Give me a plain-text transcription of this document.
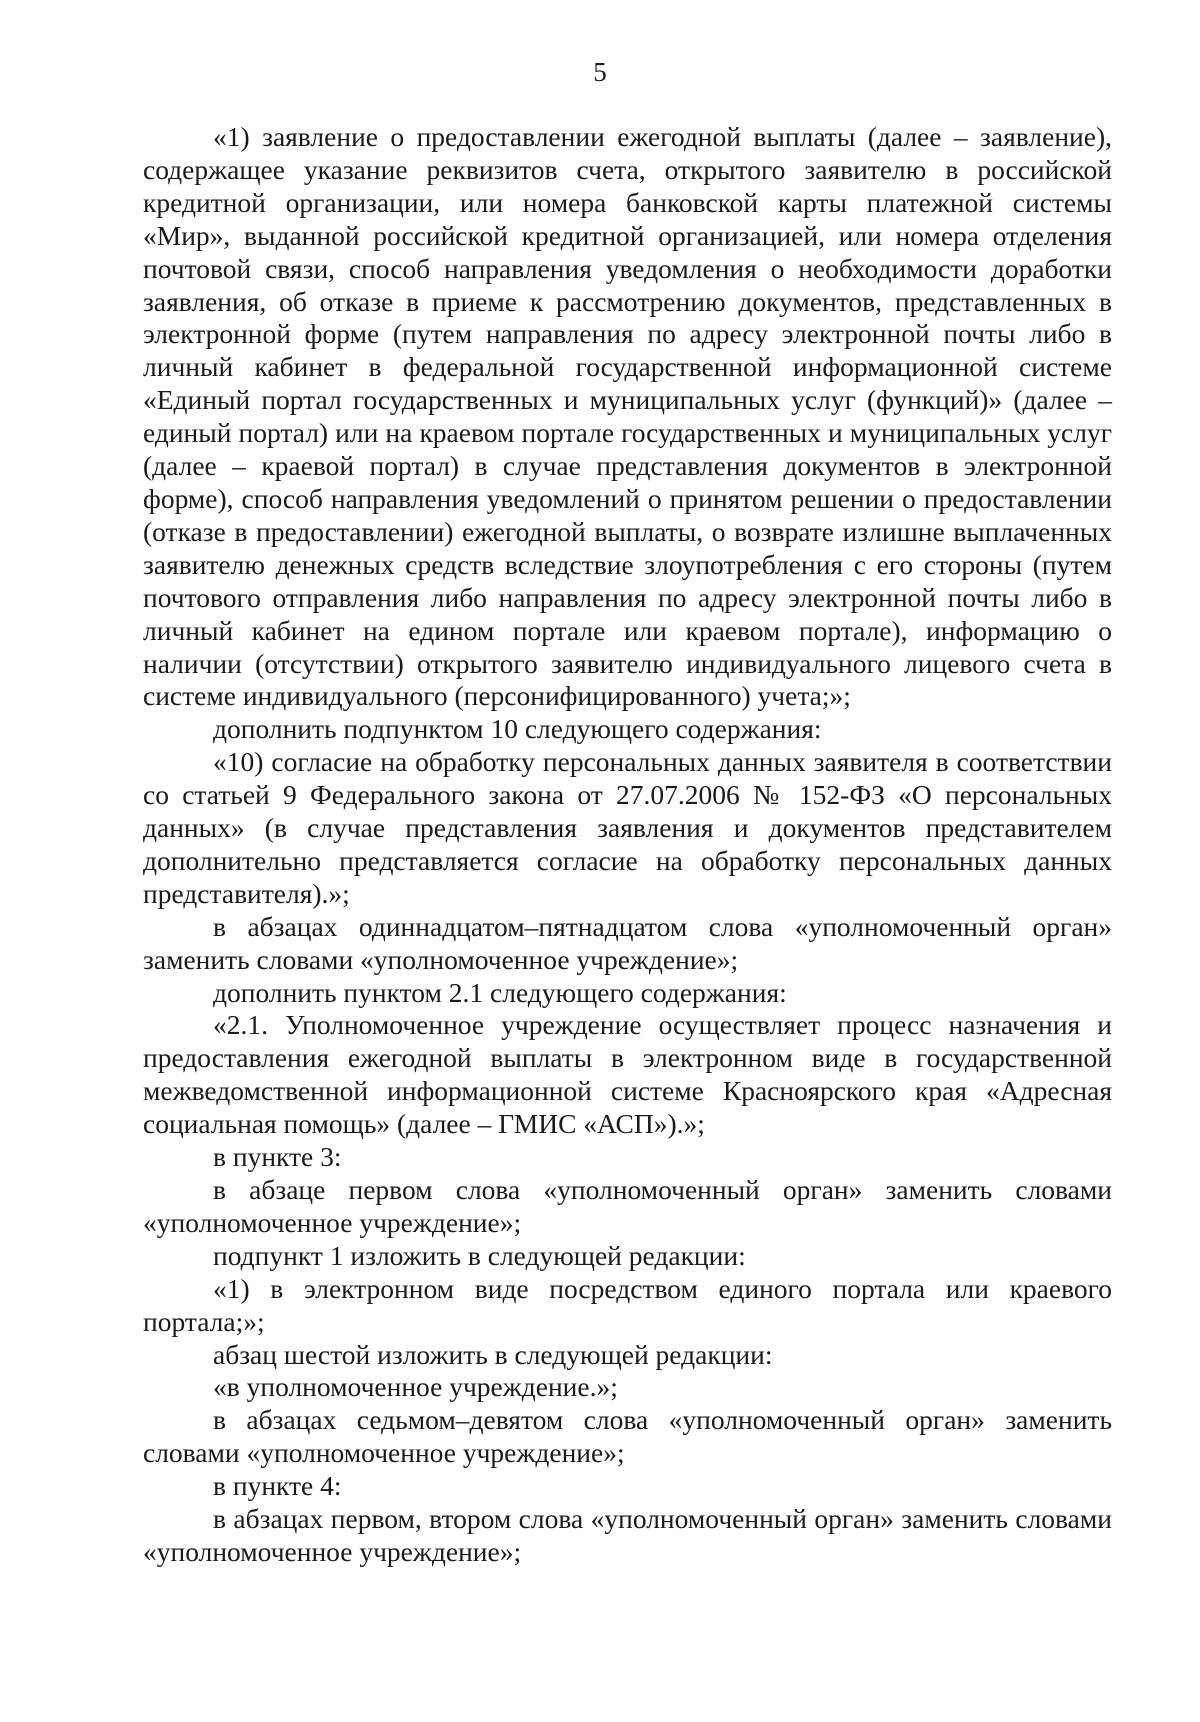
5

«1) заявление о предоставлении ежегодной выплаты (далее – заявление), содержащее указание реквизитов счета, открытого заявителю в российской кредитной организации, или номера банковской карты платежной системы «Мир», выданной российской кредитной организацией, или номера отделения почтовой связи, способ направления уведомления о необходимости доработки заявления, об отказе в приеме к рассмотрению документов, представленных в электронной форме (путем направления по адресу электронной почты либо в личный кабинет в федеральной государственной информационной системе «Единый портал государственных и муниципальных услуг (функций)» (далее – единый портал) или на краевом портале государственных и муниципальных услуг (далее – краевой портал) в случае представления документов в электронной форме), способ направления уведомлений о принятом решении о предоставлении (отказе в предоставлении) ежегодной выплаты, о возврате излишне выплаченных заявителю денежных средств вследствие злоупотребления с его стороны (путем почтового отправления либо направления по адресу электронной почты либо в личный кабинет на едином портале или краевом портале), информацию о наличии (отсутствии) открытого заявителю индивидуального лицевого счета в системе индивидуального (персонифицированного) учета;»;

дополнить подпунктом 10 следующего содержания:

«10) согласие на обработку персональных данных заявителя в соответствии со статьей 9 Федерального закона от 27.07.2006 № 152-ФЗ «О персональных данных» (в случае представления заявления и документов представителем дополнительно представляется согласие на обработку персональных данных представителя).»;

в абзацах одиннадцатом–пятнадцатом слова «уполномоченный орган» заменить словами «уполномоченное учреждение»;

дополнить пунктом 2.1 следующего содержания:

«2.1. Уполномоченное учреждение осуществляет процесс назначения и предоставления ежегодной выплаты в электронном виде в государственной межведомственной информационной системе Красноярского края «Адресная социальная помощь» (далее – ГМИС «АСП»).»;

в пункте 3:

в абзаце первом слова «уполномоченный орган» заменить словами «уполномоченное учреждение»;

подпункт 1 изложить в следующей редакции:

«1) в электронном виде посредством единого портала или краевого портала;»;

абзац шестой изложить в следующей редакции:

«в уполномоченное учреждение.»;

в абзацах седьмом–девятом слова «уполномоченный орган» заменить словами «уполномоченное учреждение»;

в пункте 4:

в абзацах первом, втором слова «уполномоченный орган» заменить словами «уполномоченное учреждение»;
